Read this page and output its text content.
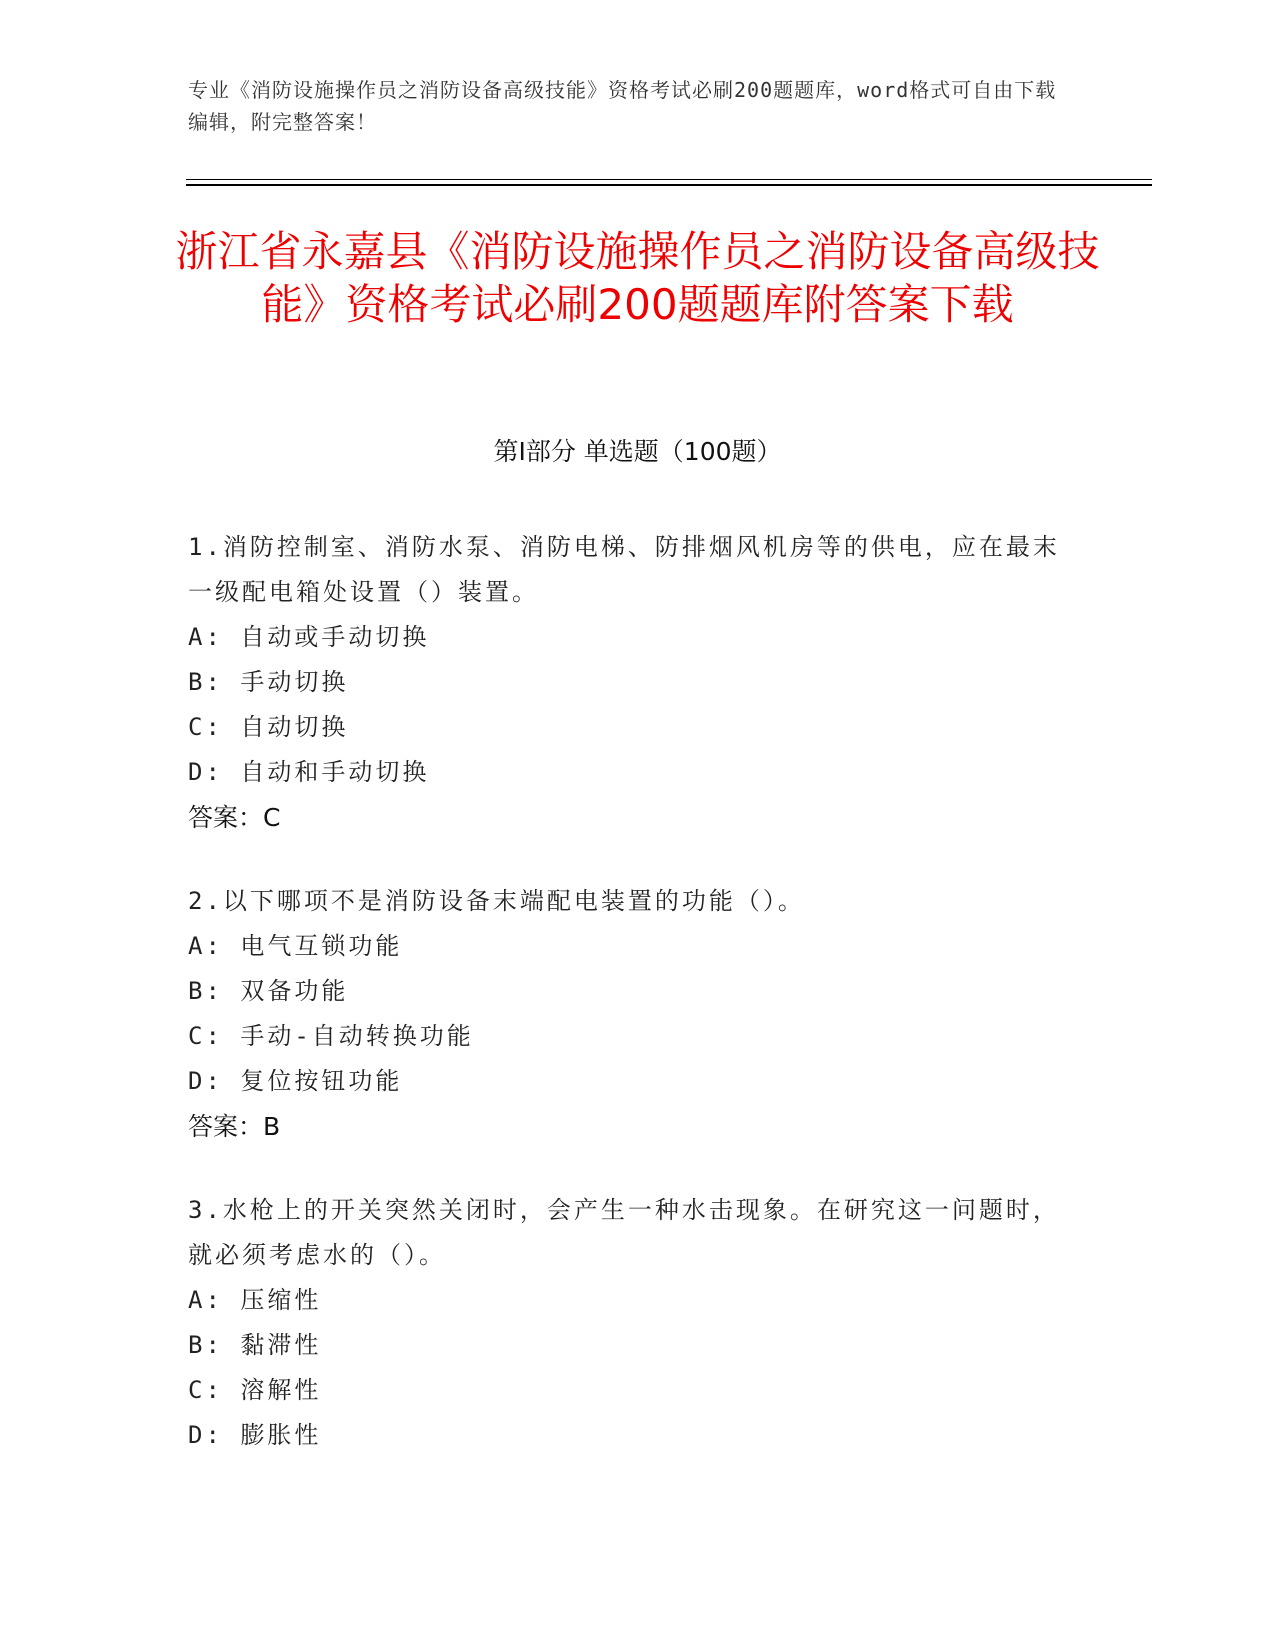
专业《消防设施操作员之消防设备高级技能》资格考试必刷200题题库，word格式可自由下载编辑，附完整答案！
浙江省永嘉县《消防设施操作员之消防设备高级技能》资格考试必刷200题题库附答案下载
第I部分 单选题（100题）

1.消防控制室、消防水泵、消防电梯、防排烟风机房等的供电，应在最末一级配电箱处设置（）装置。

A: 自动或手动切换

B: 手动切换

C: 自动切换

D: 自动和手动切换

答案：C

2.以下哪项不是消防设备末端配电装置的功能（）。

A: 电气互锁功能

B: 双备功能

C: 手动-自动转换功能

D: 复位按钮功能

答案：B

3.水枪上的开关突然关闭时，会产生一种水击现象。在研究这一问题时，就必须考虑水的（）。

A: 压缩性

B: 黏滞性

C: 溶解性

D: 膨胀性
